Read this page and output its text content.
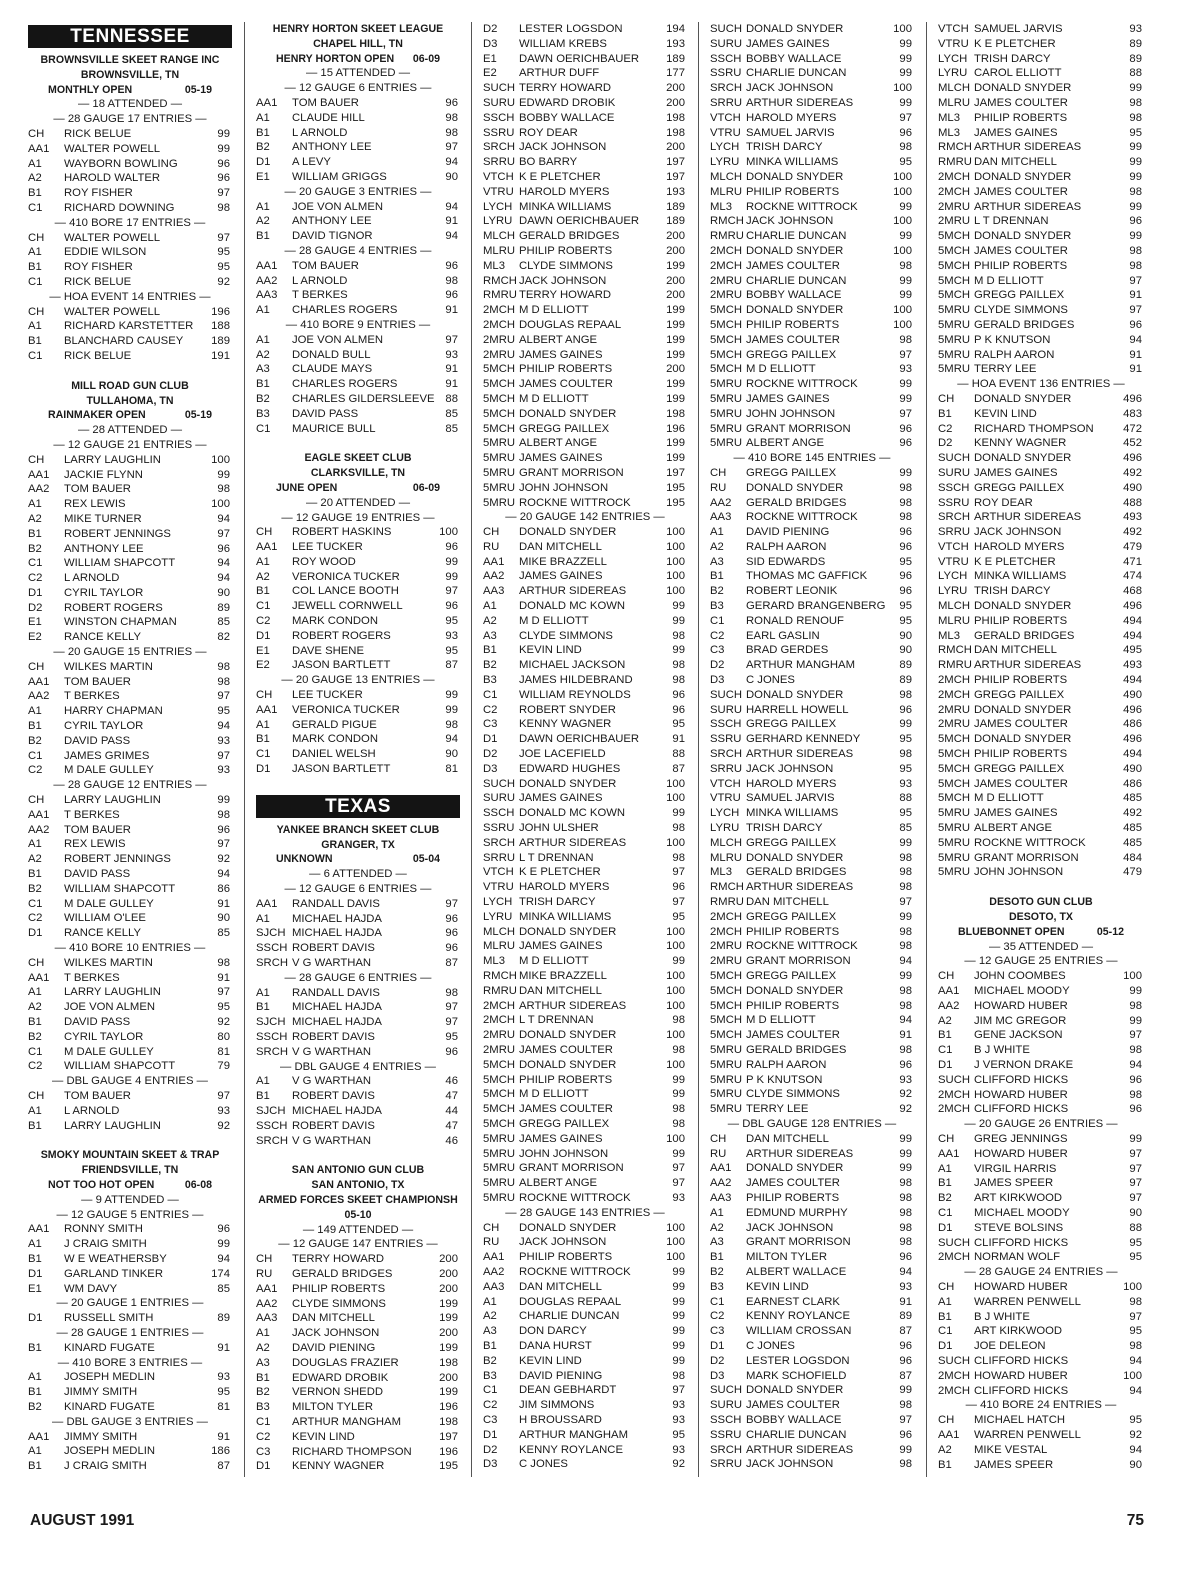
TENNESSEE
BROWNSVILLE SKEET RANGE INC
BROWNSVILLE, TN
MONTHLY OPEN	05-19
— 18 ATTENDED —
— 28 GAUGE 17 ENTRIES —
CH	RICK BELUE	99
AA1	WALTER POWELL	99
A1	WAYBORN BOWLING	96
A2	HAROLD WALTER	96
B1	ROY FISHER	97
C1	RICHARD DOWNING	98
— 410 BORE 17 ENTRIES —
CH	WALTER POWELL	97
A1	EDDIE WILSON	95
B1	ROY FISHER	95
C1	RICK BELUE	92
— HOA EVENT 14 ENTRIES —
CH	WALTER POWELL	196
A1	RICHARD KARSTETTER 188
B1	BLANCHARD CAUSEY 189
C1	RICK BELUE	191
MILL ROAD GUN CLUB
TULLAHOMA, TN
RAINMAKER OPEN	05-19
— 28 ATTENDED —
— 12 GAUGE 21 ENTRIES —
CH	LARRY LAUGHLIN	100
AA1	JACKIE FLYNN	99
AA2	TOM BAUER	98
A1	REX LEWIS	100
A2	MIKE TURNER	94
B1	ROBERT JENNINGS	97
B2	ANTHONY LEE	96
C1	WILLIAM SHAPCOTT	94
C2	L ARNOLD	94
D1	CYRIL TAYLOR	90
D2	ROBERT ROGERS	89
E1	WINSTON CHAPMAN	85
E2	RANCE KELLY	82
— 20 GAUGE 15 ENTRIES —
CH	WILKES MARTIN	98
AA1	TOM BAUER	98
AA2	T BERKES	97
A1	HARRY CHAPMAN	95
B1	CYRIL TAYLOR	94
B2	DAVID PASS	93
C1	JAMES GRIMES	97
C2	M DALE GULLEY	93
— 28 GAUGE 12 ENTRIES —
CH	LARRY LAUGHLIN	99
AA1	T BERKES	98
AA2	TOM BAUER	96
A1	REX LEWIS	97
A2	ROBERT JENNINGS	92
B1	DAVID PASS	94
B2	WILLIAM SHAPCOTT	86
C1	M DALE GULLEY	91
C2	WILLIAM O'LEE	90
D1	RANCE KELLY	85
— 410 BORE 10 ENTRIES —
CH	WILKES MARTIN	98
AA1	T BERKES	91
A1	LARRY LAUGHLIN	97
A2	JOE VON ALMEN	95
B1	DAVID PASS	92
B2	CYRIL TAYLOR	80
C1	M DALE GULLEY	81
C2	WILLIAM SHAPCOTT	79
— DBL GAUGE 4 ENTRIES —
CH	TOM BAUER	97
A1	L ARNOLD	93
B1	LARRY LAUGHLIN	92
SMOKY MOUNTAIN SKEET & TRAP
FRIENDSVILLE, TN
NOT TOO HOT OPEN	06-08
— 9 ATTENDED —
— 12 GAUGE 5 ENTRIES —
AA1	RONNY SMITH	96
A1	J CRAIG SMITH	99
B1	W E WEATHERSBY	94
D1	GARLAND TINKER	174
E1	WM DAVY	85
— 20 GAUGE 1 ENTRIES —
D1	RUSSELL SMITH	89
— 28 GAUGE 1 ENTRIES —
B1	KINARD FUGATE	91
— 410 BORE 3 ENTRIES —
A1	JOSEPH MEDLIN	93
B1	JIMMY SMITH	95
B2	KINARD FUGATE	81
— DBL GAUGE 3 ENTRIES —
AA1	JIMMY SMITH	91
A1	JOSEPH MEDLIN	186
B1	J CRAIG SMITH	87
HENRY HORTON SKEET LEAGUE
CHAPEL HILL, TN
HENRY HORTON OPEN 06-09
— 15 ATTENDED —
— 12 GAUGE 6 ENTRIES —
AA1	TOM BAUER	96
A1	CLAUDE HILL	98
B1	L ARNOLD	98
B2	ANTHONY LEE	97
D1	A LEVY	94
E1	WILLIAM GRIGGS	90
— 20 GAUGE 3 ENTRIES —
A1	JOE VON ALMEN	94
A2	ANTHONY LEE	91
B1	DAVID TIGNOR	94
— 28 GAUGE 4 ENTRIES —
AA1	TOM BAUER	96
AA2	L ARNOLD	98
AA3	T BERKES	96
A1	CHARLES ROGERS	91
— 410 BORE 9 ENTRIES —
A1	JOE VON ALMEN	97
A2	DONALD BULL	93
A3	CLAUDE MAYS	91
B1	CHARLES ROGERS	91
B2	CHARLES GILDERSLEEVE 88
B3	DAVID PASS	85
C1	MAURICE BULL	85
EAGLE SKEET CLUB
CLARKSVILLE, TN
JUNE OPEN	06-09
— 20 ATTENDED —
— 12 GAUGE 19 ENTRIES —
CH	ROBERT HASKINS	100
AA1	LEE TUCKER	96
A1	ROY WOOD	99
A2	VERONICA TUCKER	99
B1	COL LANCE BOOTH	97
C1	JEWELL CORNWELL	96
C2	MARK CONDON	95
D1	ROBERT ROGERS	93
E1	DAVE SHENE	95
E2	JASON BARTLETT	87
— 20 GAUGE 13 ENTRIES —
CH	LEE TUCKER	99
AA1	VERONICA TUCKER	99
A1	GERALD PIGUE	98
B1	MARK CONDON	94
C1	DANIEL WELSH	90
D1	JASON BARTLETT	81
TEXAS
YANKEE BRANCH SKEET CLUB
GRANGER, TX
UNKNOWN	05-04
— 6 ATTENDED —
— 12 GAUGE 6 ENTRIES —
AA1	RANDALL DAVIS	97
A1	MICHAEL HAJDA	96
SJCH MICHAEL HAJDA	96
SSCH ROBERT DAVIS	96
SRCH V G WARTHAN	87
— 28 GAUGE 6 ENTRIES —
A1	RANDALL DAVIS	98
B1	MICHAEL HAJDA	97
SJCH MICHAEL HAJDA	97
SSCH ROBERT DAVIS	95
SRCH V G WARTHAN	96
— DBL GAUGE 4 ENTRIES —
A1	V G WARTHAN	46
B1	ROBERT DAVIS	47
SJCH MICHAEL HAJDA	44
SSCH ROBERT DAVIS	47
SRCH V G WARTHAN	46
SAN ANTONIO GUN CLUB
SAN ANTONIO, TX
ARMED FORCES SKEET CHAMPIONSH
05-10
— 149 ATTENDED —
— 12 GAUGE 147 ENTRIES —
CH	TERRY HOWARD	200
RU	GERALD BRIDGES	200
AA1	PHILIP ROBERTS	200
AA2	CLYDE SIMMONS	199
AA3	DAN MITCHELL	199
A1	JACK JOHNSON	200
A2	DAVID PIENING	199
A3	DOUGLAS FRAZIER	198
B1	EDWARD DROBIK	200
B2	VERNON SHEDD	199
B3	MILTON TYLER	196
C1	ARTHUR MANGHAM	198
C2	KEVIN LIND	197
C3	RICHARD THOMPSON 196
D1	KENNY WAGNER	195
D2	LESTER LOGSDON	194
D3	WILLIAM KREBS	193
E1	DAWN OERICHBAUER 189
E2	ARTHUR DUFF	177
SUCH TERRY HOWARD	200
SURU EDWARD DROBIK	200
SSCH BOBBY WALLACE	198
SSRU ROY DEAR	198
SRCH JACK JOHNSON	200
SRRU BO BARRY	197
VTCH K E PLETCHER	197
VTRU HAROLD MYERS	193
LYCH MINKA WILLIAMS	189
LYRU DAWN OERICHBAUER 189
MLCH GERALD BRIDGES	200
MLRU PHILIP ROBERTS	200
ML3	CLYDE SIMMONS	199
RMCH JACK JOHNSON	200
RMRU TERRY HOWARD	200
2MCH M D ELLIOTT	199
2MCH DOUGLAS REPAAL	199
2MRU ALBERT ANGE	199
2MRU JAMES GAINES	199
5MCH PHILIP ROBERTS	200
5MCH JAMES COULTER	199
5MCH M D ELLIOTT	199
5MCH DONALD SNYDER	198
5MCH GREGG PAILLEX	196
5MRU ALBERT ANGE	199
5MRU JAMES GAINES	199
5MRU GRANT MORRISON	197
5MRU JOHN JOHNSON	195
5MRU ROCKNE WITTROCK	195
— 20 GAUGE 142 ENTRIES —
CH	DONALD SNYDER	100
RU	DAN MITCHELL	100
AA1	MIKE BRAZZELL	100
AA2	JAMES GAINES	100
AA3	ARTHUR SIDEREAS	100
A1	DONALD MC KOWN	99
A2	M D ELLIOTT	99
A3	CLYDE SIMMONS	98
B1	KEVIN LIND	99
B2	MICHAEL JACKSON	98
B3	JAMES HILDEBRAND	98
C1	WILLIAM REYNOLDS	96
C2	ROBERT SNYDER	96
C3	KENNY WAGNER	95
D1	DAWN OERICHBAUER	91
D2	JOE LACEFIELD	88
D3	EDWARD HUGHES	87
SUCH DONALD SNYDER	100
SURU JAMES GAINES	100
SSCH DONALD MC KOWN	99
SSRU JOHN ULSHER	98
SRCH ARTHUR SIDEREAS	100
SRRU L T DRENNAN	98
VTCH K E PLETCHER	97
VTRU HAROLD MYERS	96
LYCH TRISH DARCY	97
LYRU MINKA WILLIAMS	95
MLCH DONALD SNYDER	100
MLRU JAMES GAINES	100
ML3	M D ELLIOTT	99
RMCH MIKE BRAZZELL	100
RMRU DAN MITCHELL	100
2MCH ARTHUR SIDEREAS	100
2MCH L T DRENNAN	98
2MRU DONALD SNYDER	100
2MRU JAMES COULTER	98
5MCH DONALD SNYDER	100
5MCH PHILIP ROBERTS	99
5MCH M D ELLIOTT	99
5MCH JAMES COULTER	98
5MCH GREGG PAILLEX	98
5MRU JAMES GAINES	100
5MRU JOHN JOHNSON	99
5MRU GRANT MORRISON	97
5MRU ALBERT ANGE	97
5MRU ROCKNE WITTROCK	93
— 28 GAUGE 143 ENTRIES —
CH	DONALD SNYDER	100
RU	JACK JOHNSON	100
AA1	PHILIP ROBERTS	100
AA2	ROCKNE WITTROCK	99
AA3	DAN MITCHELL	99
A1	DOUGLAS REPAAL	99
A2	CHARLIE DUNCAN	99
A3	DON DARCY	99
B1	DANA HURST	99
B2	KEVIN LIND	99
B3	DAVID PIENING	98
C1	DEAN GEBHARDT	97
C2	JIM SIMMONS	93
C3	H BROUSSARD	93
D1	ARTHUR MANGHAM	95
D2	KENNY ROYLANCE	93
D3	C JONES	92
SUCH DONALD SNYDER	100
SURU JAMES GAINES	99
SSCH BOBBY WALLACE	99
SSRU CHARLIE DUNCAN	99
SRCH JACK JOHNSON	100
SRRU ARTHUR SIDEREAS	99
VTCH HAROLD MYERS	97
VTRU SAMUEL JARVIS	96
LYCH TRISH DARCY	98
LYRU MINKA WILLIAMS	95
MLCH DONALD SNYDER	100
MLRU PHILIP ROBERTS	100
ML3	ROCKNE WITTROCK	99
RMCH JACK JOHNSON	100
RMRU CHARLIE DUNCAN	99
2MCH DONALD SNYDER	100
2MCH JAMES COULTER	98
2MRU CHARLIE DUNCAN	99
2MRU BOBBY WALLACE	99
5MCH DONALD SNYDER	100
5MCH PHILIP ROBERTS	100
5MCH JAMES COULTER	98
5MCH GREGG PAILLEX	97
5MCH M D ELLIOTT	93
5MRU ROCKNE WITTROCK	99
5MRU JAMES GAINES	99
5MRU JOHN JOHNSON	97
5MRU GRANT MORRISON	96
5MRU ALBERT ANGE	96
— 410 BORE 145 ENTRIES —
CH	GREGG PAILLEX	99
RU	DONALD SNYDER	98
AA2	GERALD BRIDGES	98
AA3	ROCKNE WITTROCK	98
A1	DAVID PIENING	96
A2	RALPH AARON	96
A3	SID EDWARDS	95
B1	THOMAS MC GAFFICK	96
B2	ROBERT LEONIK	96
B3	GERARD BRANGENBERG 95
C1	RONALD RENOUF	95
C2	EARL GASLIN	90
C3	BRAD GERDES	90
D2	ARTHUR MANGHAM	89
D3	C JONES	89
SUCH DONALD SNYDER	98
SURU HARRELL HOWELL	96
SSCH GREGG PAILLEX	99
SSRU GERHARD KENNEDY	95
SRCH ARTHUR SIDEREAS	98
SRRU JACK JOHNSON	95
VTCH HAROLD MYERS	93
VTRU SAMUEL JARVIS	88
LYCH MINKA WILLIAMS	95
LYRU TRISH DARCY	85
MLCH GREGG PAILLEX	99
MLRU DONALD SNYDER	98
ML3	GERALD BRIDGES	98
RMCH ARTHUR SIDEREAS	98
RMRU DAN MITCHELL	97
2MCH GREGG PAILLEX	99
2MCH PHILIP ROBERTS	98
2MRU ROCKNE WITTROCK	98
2MRU GRANT MORRISON	94
5MCH GREGG PAILLEX	99
5MCH DONALD SNYDER	98
5MCH PHILIP ROBERTS	98
5MCH M D ELLIOTT	94
5MCH JAMES COULTER	91
5MRU GERALD BRIDGES	98
5MRU RALPH AARON	96
5MRU P K KNUTSON	93
5MRU CLYDE SIMMONS	92
5MRU TERRY LEE	92
— DBL GAUGE 128 ENTRIES —
CH	DAN MITCHELL	99
RU	ARTHUR SIDEREAS	99
AA1	DONALD SNYDER	99
AA2	JAMES COULTER	98
AA3	PHILIP ROBERTS	98
A1	EDMUND MURPHY	98
A2	JACK JOHNSON	98
A3	GRANT MORRISON	98
B1	MILTON TYLER	96
B2	ALBERT WALLACE	94
B3	KEVIN LIND	93
C1	EARNEST CLARK	91
C2	KENNY ROYLANCE	89
C3	WILLIAM CROSSAN	87
D1	C JONES	96
D2	LESTER LOGSDON	96
D3	MARK SCHOFIELD	87
SUCH DONALD SNYDER	99
SURU JAMES COULTER	98
SSCH BOBBY WALLACE	97
SSRU CHARLIE DUNCAN	96
SRCH ARTHUR SIDEREAS	99
SRRU JACK JOHNSON	98
VTCH SAMUEL JARVIS	93
VTRU K E PLETCHER	89
LYCH TRISH DARCY	89
LYRU CAROL ELLIOTT	88
MLCH DONALD SNYDER	99
MLRU JAMES COULTER	98
ML3	PHILIP ROBERTS	98
ML3	JAMES GAINES	95
RMCH ARTHUR SIDEREAS	99
RMRU DAN MITCHELL	99
2MCH DONALD SNYDER	99
2MCH JAMES COULTER	98
2MRU ARTHUR SIDEREAS	99
2MRU L T DRENNAN	96
5MCH DONALD SNYDER	99
5MCH JAMES COULTER	98
5MCH PHILIP ROBERTS	98
5MCH M D ELLIOTT	97
5MCH GREGG PAILLEX	91
5MRU CLYDE SIMMONS	97
5MRU GERALD BRIDGES	96
5MRU P K KNUTSON	94
5MRU RALPH AARON	91
5MRU TERRY LEE	91
— HOA EVENT 136 ENTRIES —
CH	DONALD SNYDER	496
B1	KEVIN LIND	483
C2	RICHARD THOMPSON	472
D2	KENNY WAGNER	452
SUCH DONALD SNYDER	496
SURU JAMES GAINES	492
SSCH GREGG PAILLEX	490
SSRU ROY DEAR	488
SRCH ARTHUR SIDEREAS	493
SRRU JACK JOHNSON	492
VTCH HAROLD MYERS	479
VTRU K E PLETCHER	471
LYCH MINKA WILLIAMS	474
LYRU TRISH DARCY	468
MLCH DONALD SNYDER	496
MLRU PHILIP ROBERTS	494
ML3	GERALD BRIDGES	494
RMCH DAN MITCHELL	495
RMRU ARTHUR SIDEREAS	493
2MCH PHILIP ROBERTS	494
2MCH GREGG PAILLEX	490
2MRU DONALD SNYDER	496
2MRU JAMES COULTER	486
5MCH DONALD SNYDER	496
5MCH PHILIP ROBERTS	494
5MCH GREGG PAILLEX	490
5MCH JAMES COULTER	486
5MCH M D ELLIOTT	485
5MRU JAMES GAINES	492
5MRU ALBERT ANGE	485
5MRU ROCKNE WITTROCK	485
5MRU GRANT MORRISON	484
5MRU JOHN JOHNSON	479
DESOTO GUN CLUB
DESOTO, TX
BLUEBONNET OPEN	05-12
— 35 ATTENDED —
— 12 GAUGE 25 ENTRIES —
CH	JOHN COOMBES	100
AA1	MICHAEL MOODY	99
AA2	HOWARD HUBER	98
A2	JIM MC GREGOR	99
B1	GENE JACKSON	97
C1	B J WHITE	98
D1	J VERNON DRAKE	94
SUCH CLIFFORD HICKS	96
2MCH HOWARD HUBER	98
2MCH CLIFFORD HICKS	96
— 20 GAUGE 26 ENTRIES —
CH	GREG JENNINGS	99
AA1	HOWARD HUBER	97
A1	VIRGIL HARRIS	97
B1	JAMES SPEER	97
B2	ART KIRKWOOD	97
C1	MICHAEL MOODY	90
D1	STEVE BOLSINS	88
SUCH CLIFFORD HICKS	95
2MCH NORMAN WOLF	95
— 28 GAUGE 24 ENTRIES —
CH	HOWARD HUBER	100
A1	WARREN PENWELL	98
B1	B J WHITE	97
C1	ART KIRKWOOD	95
D1	JOE DELEON	98
SUCH CLIFFORD HICKS	94
2MCH HOWARD HUBER	100
2MCH CLIFFORD HICKS	94
— 410 BORE 24 ENTRIES —
CH	MICHAEL HATCH	95
AA1	WARREN PENWELL	92
A2	MIKE VESTAL	94
B1	JAMES SPEER	90
AUGUST 1991	75
